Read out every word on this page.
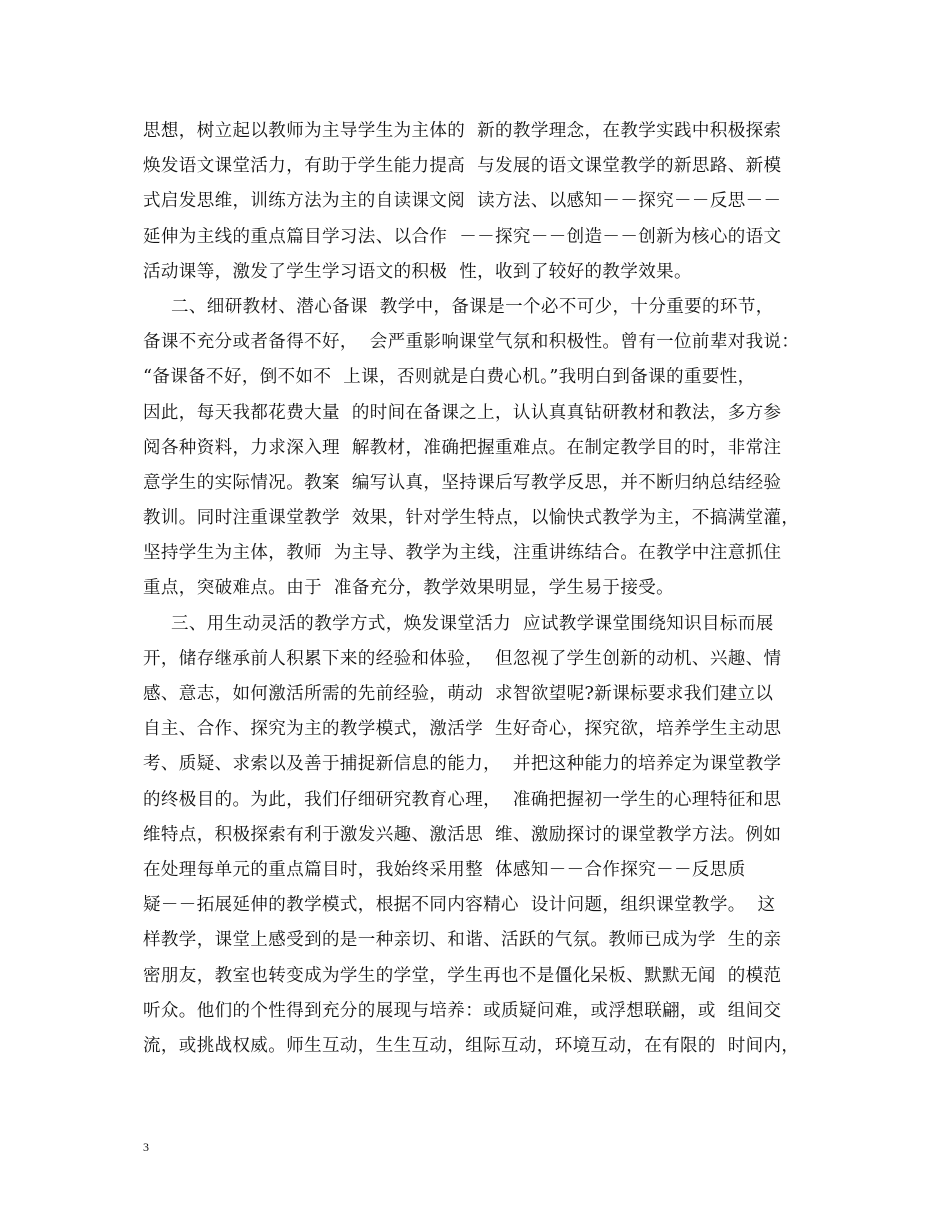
思想，树立起以教师为主导学生为主体的  新的教学理念，在教学实践中积极探索
焕发语文课堂活力，有助于学生能力提高  与发展的语文课堂教学的新思路、新模
式启发思维，训练方法为主的自读课文阅  读方法、以感知－－探究－－反思－－
延伸为主线的重点篇目学习法、以合作  －－探究－－创造－－创新为核心的语文
活动课等，激发了学生学习语文的积极  性，收到了较好的教学效果。
二、细研教材、潜心备课  教学中，备课是一个必不可少，十分重要的环节，
备课不充分或者备得不好，  会严重影响课堂气氛和积极性。曾有一位前辈对我说：
“备课备不好，倒不如不  上课，否则就是白费心机。”我明白到备课的重要性，
因此，每天我都花费大量  的时间在备课之上，认认真真钻研教材和教法，多方参
阅各种资料，力求深入理  解教材，准确把握重难点。在制定教学目的时，非常注
意学生的实际情况。教案  编写认真，坚持课后写教学反思，并不断归纳总结经验
教训。同时注重课堂教学  效果，针对学生特点，以愉快式教学为主，不搞满堂灌，
坚持学生为主体，教师  为主导、教学为主线，注重讲练结合。在教学中注意抓住
重点，突破难点。由于  准备充分，教学效果明显，学生易于接受。
三、用生动灵活的教学方式，焕发课堂活力  应试教学课堂围绕知识目标而展
开，储存继承前人积累下来的经验和体验，  但忽视了学生创新的动机、兴趣、情
感、意志，如何激活所需的先前经验，萌动  求智欲望呢?新课标要求我们建立以
自主、合作、探究为主的教学模式，激活学  生好奇心，探究欲，培养学生主动思
考、质疑、求索以及善于捕捉新信息的能力，  并把这种能力的培养定为课堂教学
的终极目的。为此，我们仔细研究教育心理，  准确把握初一学生的心理特征和思
维特点，积极探索有利于激发兴趣、激活思  维、激励探讨的课堂教学方法。例如
在处理每单元的重点篇目时，我始终采用整  体感知－－合作探究－－反思质
疑－－拓展延伸的教学模式，根据不同内容精心  设计问题，组织课堂教学。  这
样教学，课堂上感受到的是一种亲切、和谐、活跃的气氛。教师已成为学  生的亲
密朋友，教室也转变成为学生的学堂，学生再也不是僵化呆板、默默无闻  的模范
听众。他们的个性得到充分的展现与培养：或质疑问难，或浮想联翩，或  组间交
流，或挑战权威。师生互动，生生互动，组际互动，环境互动，在有限的  时间内，
3
